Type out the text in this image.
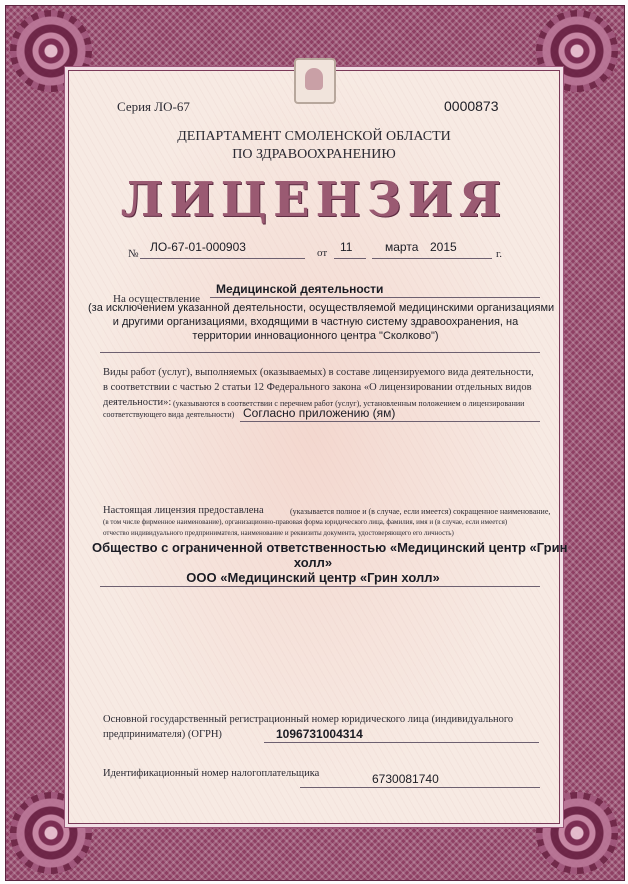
Серия ЛО-67	0000873
ДЕПАРТАМЕНТ СМОЛЕНСКОЙ ОБЛАСТИ
ПО ЗДРАВООХРАНЕНИЮ
ЛИЦЕНЗИЯ
№ ЛО-67-01-000903	от 11	марта 2015	г.
Медицинской деятельности
На осуществление
(за исключением указанной деятельности, осуществляемой медицинскими организациями
и другими организациями, входящими в частную систему здравоохранения, на
территории инновационного центра "Сколково")
Виды работ (услуг), выполняемых (оказываемых) в составе лицензируемого вида деятельности,
в соответствии с частью 2 статьи 12 Федерального закона «О лицензировании отдельных видов
деятельности»: (указываются в соответствии с перечнем работ (услуг), установленным положением о лицензировании
соответствующего вида деятельности) Согласно приложению (ям)
Настоящая лицензия предоставлена	(указывается полное и (в случае, если имеется) сокращенное наименование,
(в том числе фирменное наименование), организационно-правовая форма юридического лица, фамилия, имя и (в случае, если имеется)
отчество индивидуального предпринимателя, наименование и реквизиты документа, удостоверяющего его личность)
Общество с ограниченной ответственностью «Медицинский центр «Грин
холл»
ООО «Медицинский центр «Грин холл»
Основной государственный регистрационный номер юридического лица (индивидуального
предпринимателя) (ОГРН)	1096731004314
Идентификационный номер налогоплательщика	6730081740
